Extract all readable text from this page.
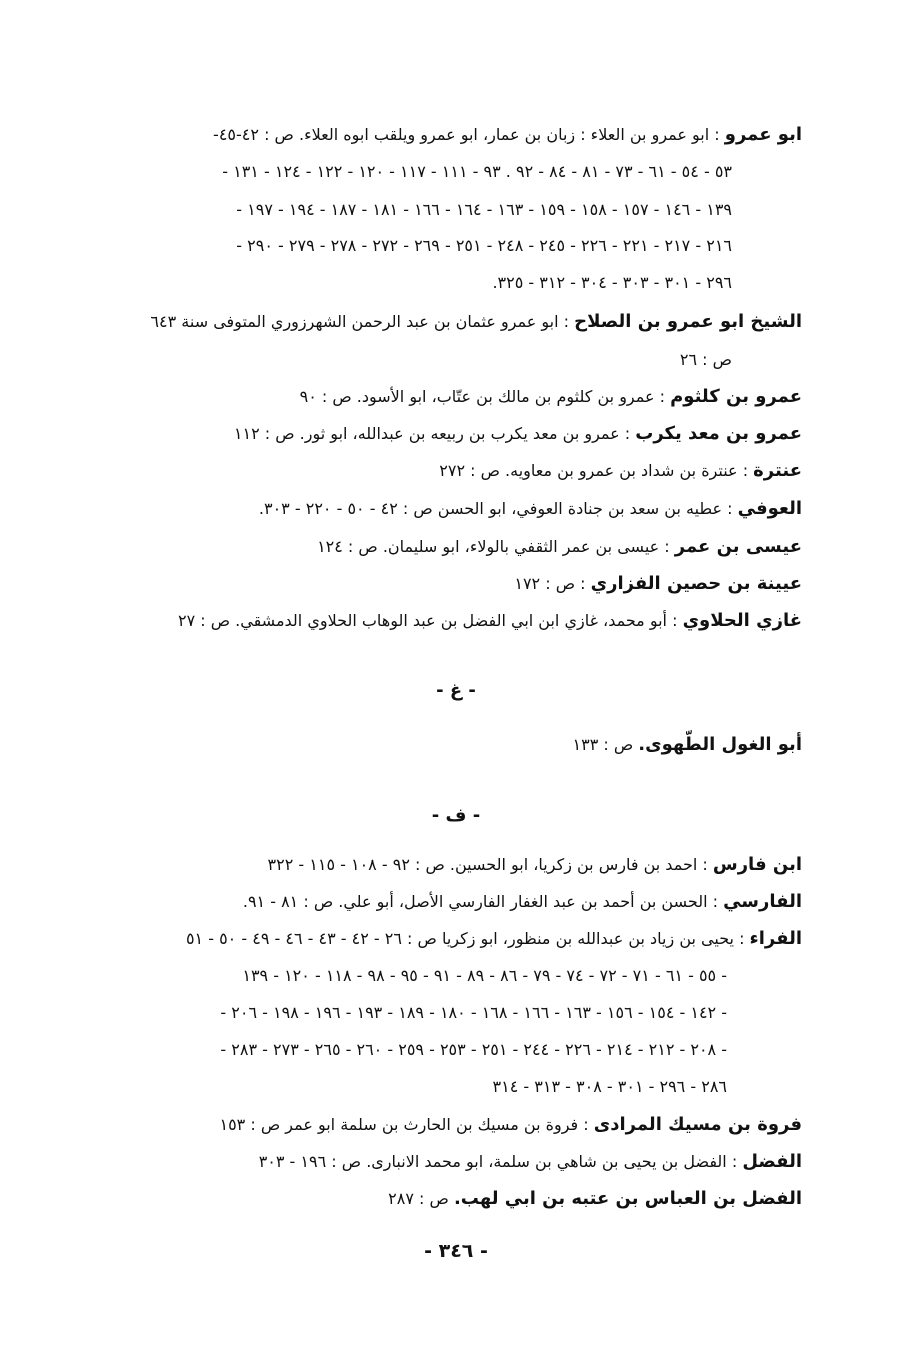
ابو عمرو : ابو عمرو بن العلاء : زبان بن عمار، ابو عمرو ويلقب ابوه العلاء. ص : ٤٢-٤٥-
٥٣ - ٥٤ - ٦١ - ٧٣ - ٨١ - ٨٤ - ٩٢ . ٩٣ - ١١١ - ١١٧ - ١٢٠ - ١٢٢ - ١٢٤ - ١٣١ -
١٣٩ - ١٤٦ - ١٥٧ - ١٥٨ - ١٥٩ - ١٦٣ - ١٦٤ - ١٦٦ - ١٨١ - ١٨٧ - ١٩٤ - ١٩٧ -
٢١٦ - ٢١٧ - ٢٢١ - ٢٢٦ - ٢٤٥ - ٢٤٨ - ٢٥١ - ٢٦٩ - ٢٧٢ - ٢٧٨ - ٢٧٩ - ٢٩٠ -
٢٩٦ - ٣٠١ - ٣٠٣ - ٣٠٤ - ٣١٢ - ٣٢٥.
الشيخ ابو عمرو بن الصلاح : ابو عمرو عثمان بن عبد الرحمن الشهرزوري المتوفى سنة ٦٤٣
ص : ٢٦
عمرو بن كلثوم : عمرو بن كلثوم بن مالك بن عتّاب، ابو الأسود. ص : ٩٠
عمرو بن معد يكرب : عمرو بن معد يكرب بن ربيعه بن عبدالله، ابو ثور. ص : ١١٢
عنترة : عنترة بن شداد بن عمرو بن معاويه. ص : ٢٧٢
العوفي : عطيه بن سعد بن جنادة العوفي، ابو الحسن ص : ٤٢ - ٥٠ - ٢٢٠ - ٣٠٣.
عيسى بن عمر : عيسى بن عمر الثقفي بالولاء، ابو سليمان. ص : ١٢٤
عيينة بن حصين الفزاري : ص : ١٧٢
غازي الحلاوي : أبو محمد، غازي ابن ابي الفضل بن عبد الوهاب الحلاوي الدمشقي. ص : ٢٧
- غ -
أبو الغول الطّهوى. ص : ١٣٣
- ف -
ابن فارس : احمد بن فارس بن زكريا، ابو الحسين. ص : ٩٢ - ١٠٨ - ١١٥ - ٣٢٢
الفارسي : الحسن بن أحمد بن عبد الغفار الفارسي الأصل، أبو علي. ص : ٨١ - ٩١.
الفراء : يحيى بن زياد بن عبدالله بن منظور، ابو زكريا ص : ٢٦ - ٤٢ - ٤٣ - ٤٦ - ٤٩ - ٥٠ - ٥١
- ٥٥ - ٦١ - ٧١ - ٧٢ - ٧٤ - ٧٩ - ٨٦ - ٨٩ - ٩١ - ٩٥ - ٩٨ - ١١٨ - ١٢٠ - ١٣٩
- ١٤٢ - ١٥٤ - ١٥٦ - ١٦٣ - ١٦٦ - ١٦٨ - ١٨٠ - ١٨٩ - ١٩٣ - ١٩٦ - ١٩٨ - ٢٠٦ -
- ٢٠٨ - ٢١٢ - ٢١٤ - ٢٢٦ - ٢٤٤ - ٢٥١ - ٢٥٣ - ٢٥٩ - ٢٦٠ - ٢٦٥ - ٢٧٣ - ٢٨٣ -
٢٨٦ - ٢٩٦ - ٣٠١ - ٣٠٨ - ٣١٣ - ٣١٤
فروة بن مسيك المرادى : فروة بن مسيك بن الحارث بن سلمة ابو عمر ص : ١٥٣
الفضل : الفضل بن يحيى بن شاهي بن سلمة، ابو محمد الانبارى. ص : ١٩٦ - ٣٠٣
الفضل بن العباس بن عتبه بن ابي لهب. ص : ٢٨٧
- ٣٤٦ -
